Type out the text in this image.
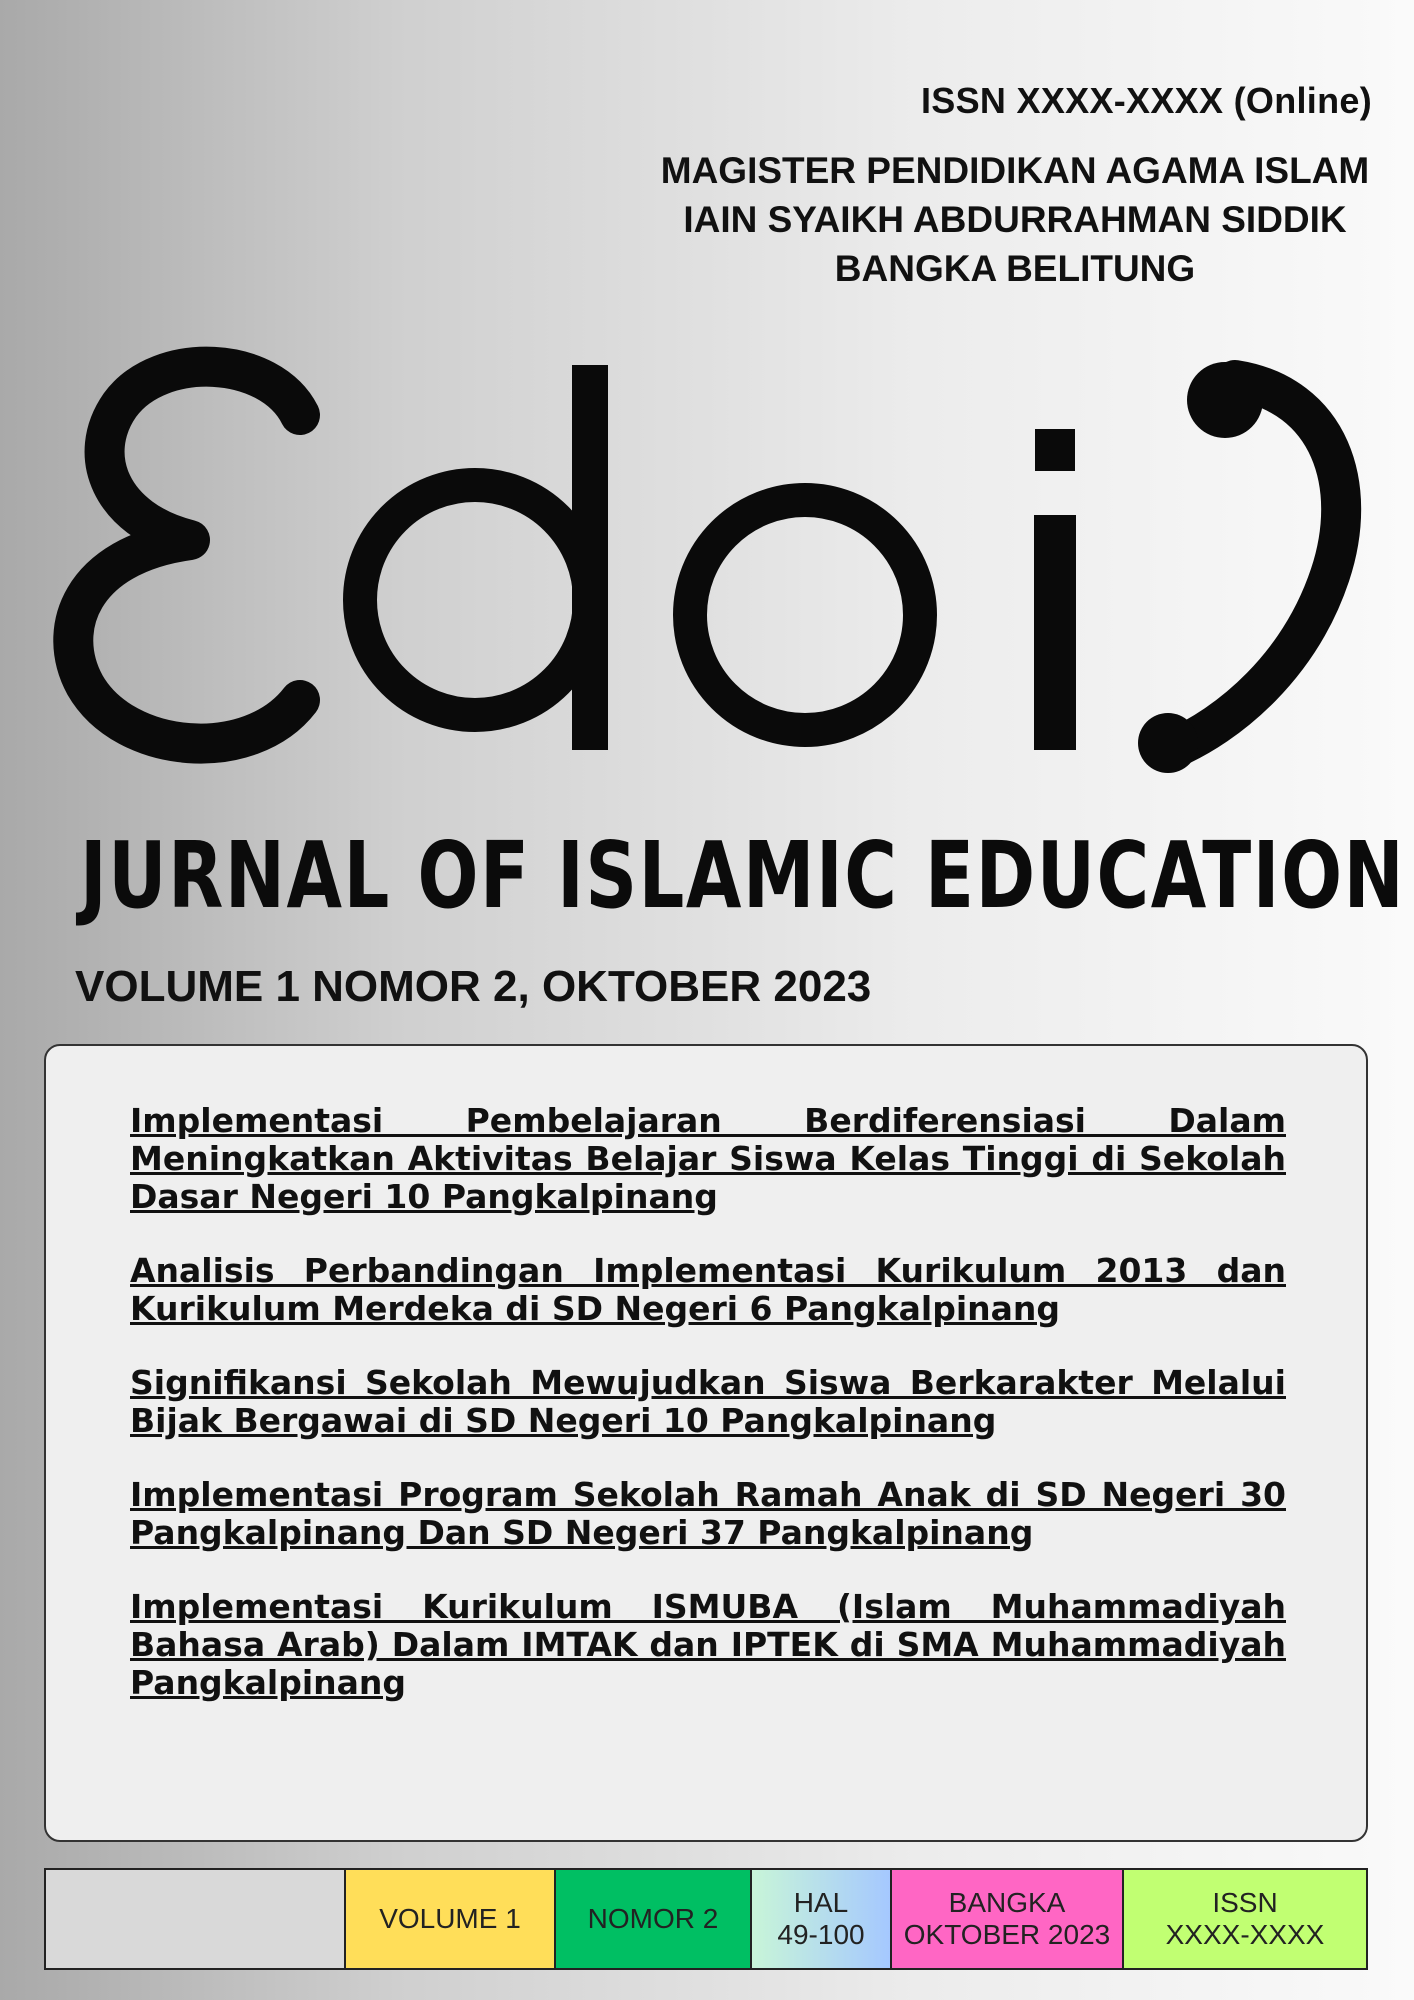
ISSN XXXX-XXXX (Online)
MAGISTER PENDIDIKAN AGAMA ISLAM
IAIN SYAIKH ABDURRAHMAN SIDDIK
BANGKA BELITUNG
JURNAL OF ISLAMIC EDUCATION
VOLUME 1 NOMOR 2, OKTOBER 2023
Implementasi Pembelajaran Berdiferensiasi Dalam Meningkatkan Aktivitas Belajar Siswa Kelas Tinggi di Sekolah Dasar Negeri 10 Pangkalpinang
Analisis Perbandingan Implementasi Kurikulum 2013 dan Kurikulum Merdeka di SD Negeri 6 Pangkalpinang
Signifikansi Sekolah Mewujudkan Siswa Berkarakter Melalui Bijak Bergawai di SD Negeri 10 Pangkalpinang
Implementasi Program Sekolah Ramah Anak di SD Negeri 30 Pangkalpinang Dan SD Negeri 37 Pangkalpinang
Implementasi Kurikulum ISMUBA (Islam Muhammadiyah Bahasa Arab) Dalam IMTAK dan IPTEK di SMA Muhammadiyah Pangkalpinang
VOLUME 1	NOMOR 2
HAL
49-100
BANGKA
OKTOBER 2023
ISSN
XXXX-XXXX
